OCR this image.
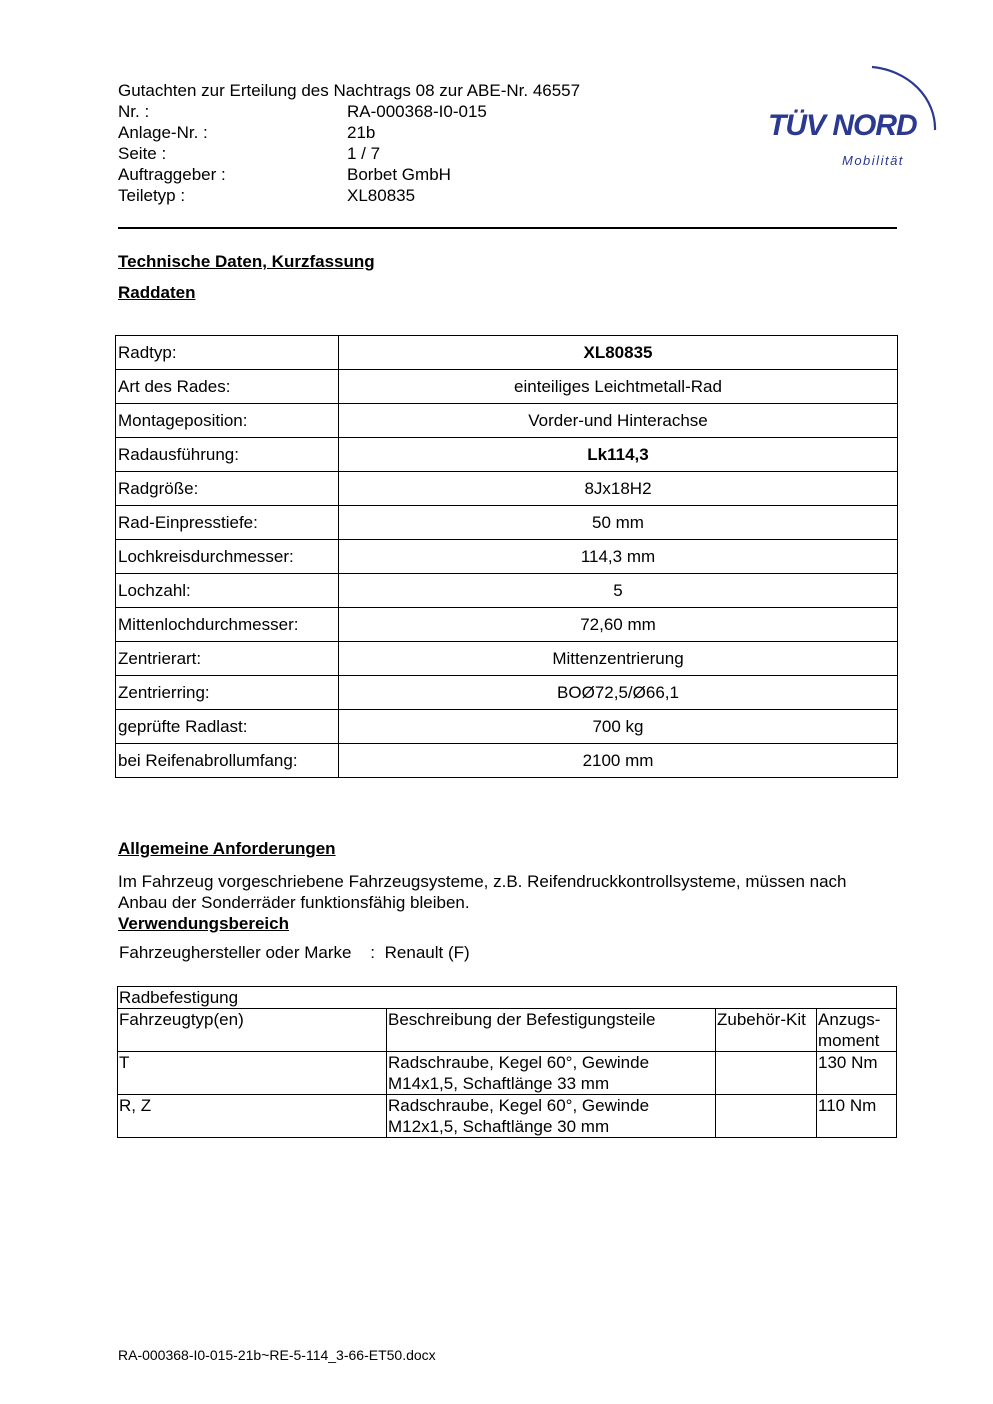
Gutachten zur Erteilung des Nachtrags 08 zur ABE-Nr. 46557
Nr. :	RA-000368-I0-015
Anlage-Nr. :	21b
Seite :	1 / 7
Auftraggeber :	Borbet GmbH
Teiletyp :	XL80835
TÜV NORD
Mobilität
Technische Daten, Kurzfassung
Raddaten
Radtyp:	XL80835
Art des Rades:	einteiliges Leichtmetall-Rad
Montageposition:	Vorder-und Hinterachse
Radausführung:	Lk114,3
Radgröße:	8Jx18H2
Rad-Einpresstiefe:	50 mm
Lochkreisdurchmesser:	114,3 mm
Lochzahl:	5
Mittenlochdurchmesser:	72,60 mm
Zentrierart:	Mittenzentrierung
Zentrierring:	BOØ72,5/Ø66,1
geprüfte Radlast:	700 kg
bei Reifenabrollumfang:	2100 mm
Allgemeine Anforderungen
Im Fahrzeug vorgeschriebene Fahrzeugsysteme, z.B. Reifendruckkontrollsysteme, müssen nach Anbau der Sonderräder funktionsfähig bleiben.
Verwendungsbereich
Fahrzeughersteller oder Marke : Renault (F)
Radbefestigung			
Fahrzeugtyp(en)	Beschreibung der Befestigungsteile	Zubehör-Kit	Anzugs-
moment

T	Radschraube, Kegel 60°, Gewinde
M14x1,5, Schaftlänge 33 mm		130 Nm
R, Z	Radschraube, Kegel 60°, Gewinde
M12x1,5, Schaftlänge 30 mm		110 Nm
RA-000368-I0-015-21b~RE-5-114_3-66-ET50.docx
